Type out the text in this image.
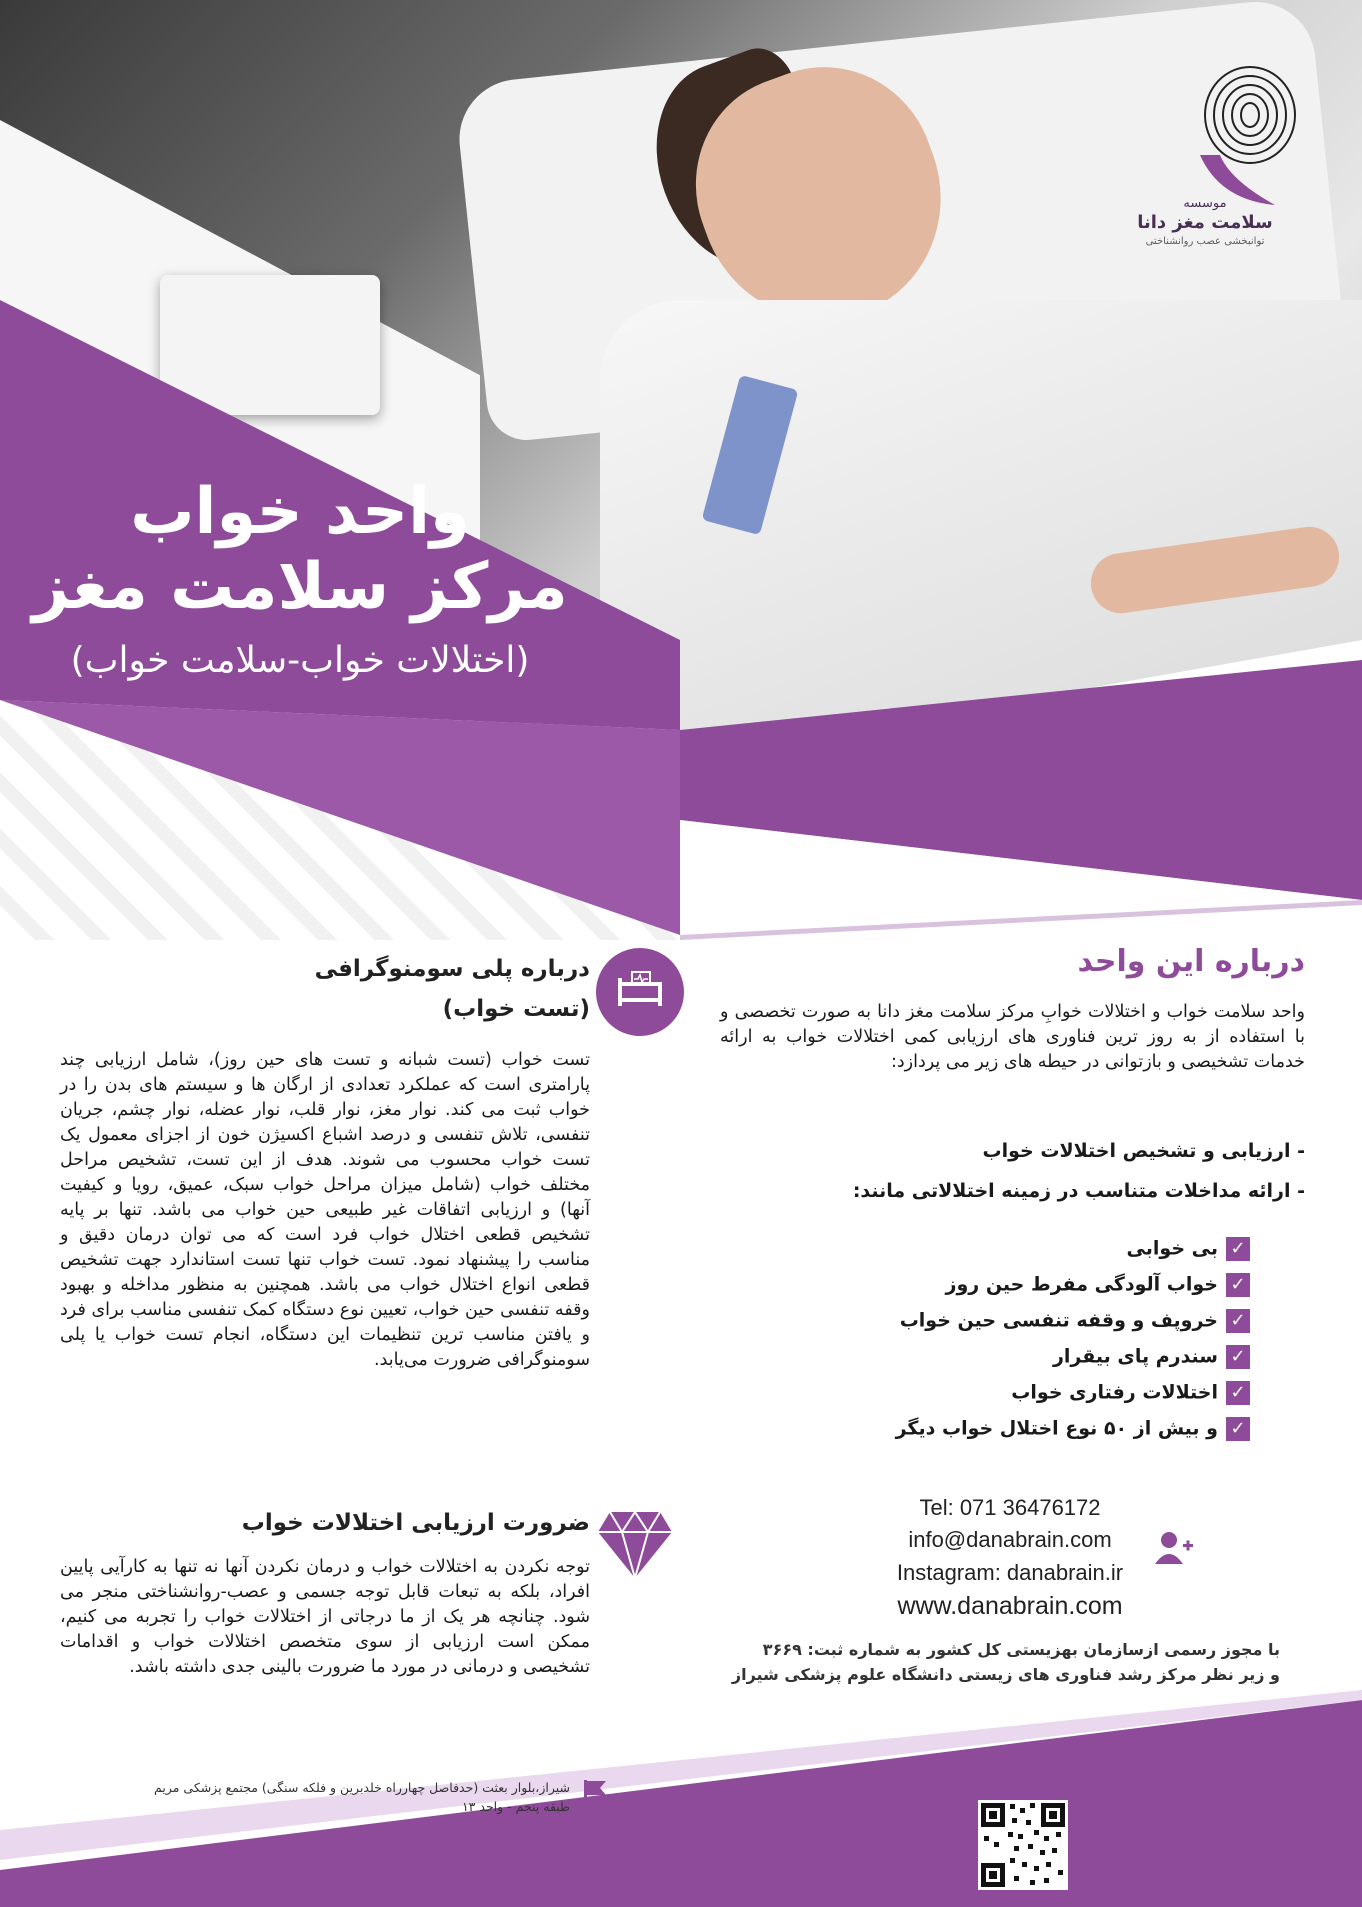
موسسه
سلامت مغز دانا
توانبخشی عصب روانشناختی
واحد خواب
مرکز سلامت مغز
(اختلالات خواب-سلامت خواب)
درباره این واحد
واحد سلامت خواب و اختلالات خوابِ مرکز سلامت مغز دانا به صورت تخصصی و با استفاده از به روز ترین فناوری های ارزیابی کمی اختلالات خواب به ارائه خدمات تشخیصی و بازتوانی در حیطه های زیر می پردازد:
- ارزیابی و تشخیص اختلالات خواب
- ارائه مداخلات متناسب در زمینه اختلالاتی مانند:
✓بی خوابی
✓خواب آلودگی مفرط حین روز
✓خروپف و وقفه تنفسی حین خواب
✓سندرم پای بیقرار
✓اختلالات رفتاری خواب
✓و بیش از ۵۰ نوع اختلال خواب دیگر
درباره پلی سومنوگرافی
(تست خواب)
تست خواب (تست شبانه و تست های حین روز)، شامل ارزیابی چند پارامتری است که عملکرد تعدادی از ارگان ها و سیستم های بدن را در خواب ثبت می کند. نوار مغز، نوار قلب، نوار عضله، نوار چشم، جریان تنفسی، تلاش تنفسی و درصد اشباع اکسیژن خون از اجزای معمول یک تست خواب محسوب می شوند. هدف از این تست، تشخیص مراحل مختلف خواب (شامل میزان مراحل خواب سبک، عمیق، رویا و کیفیت آنها) و ارزیابی اتفاقات غیر طبیعی حین خواب می باشد. تنها بر پایه تشخیص قطعی اختلال خواب فرد است که می توان درمان دقیق و مناسب را پیشنهاد نمود. تست خواب تنها تست استاندارد جهت تشخیص قطعی انواع اختلال خواب می باشد. همچنین به منظور مداخله و بهبود وقفه تنفسی حین خواب، تعیین نوع دستگاه کمک تنفسی مناسب برای فرد و یافتن مناسب ترین تنظیمات این دستگاه، انجام تست خواب یا پلی سومنوگرافی ضرورت می‌یابد.
ضرورت ارزیابی اختلالات خواب
توجه نکردن به اختلالات خواب و درمان نکردن آنها نه تنها به کارآیی پایین افراد، بلکه به تبعات قابل توجه جسمی و عصب-روانشناختی منجر می شود. چنانچه هر یک از ما درجاتی از اختلالات خواب را تجربه می کنیم، ممکن است ارزیابی از سوی متخصص اختلالات خواب و اقدامات تشخیصی و درمانی در مورد ما ضرورت بالینی جدی داشته باشد.
Tel: 071 36476172
info@danabrain.com
Instagram: danabrain.ir
www.danabrain.com
با مجوز رسمی ازسازمان بهزیستی کل کشور به شماره ثبت: ۳۶۶۹
و زیر نظر مرکز رشد فناوری های زیستی دانشگاه علوم پزشکی شیراز
شیراز،بلوار بعثت (حدفاصل چهارراه خلدبرین و فلکه سنگی) مجتمع پزشکی مریم
طبقه پنجم - واحد ۱۳
